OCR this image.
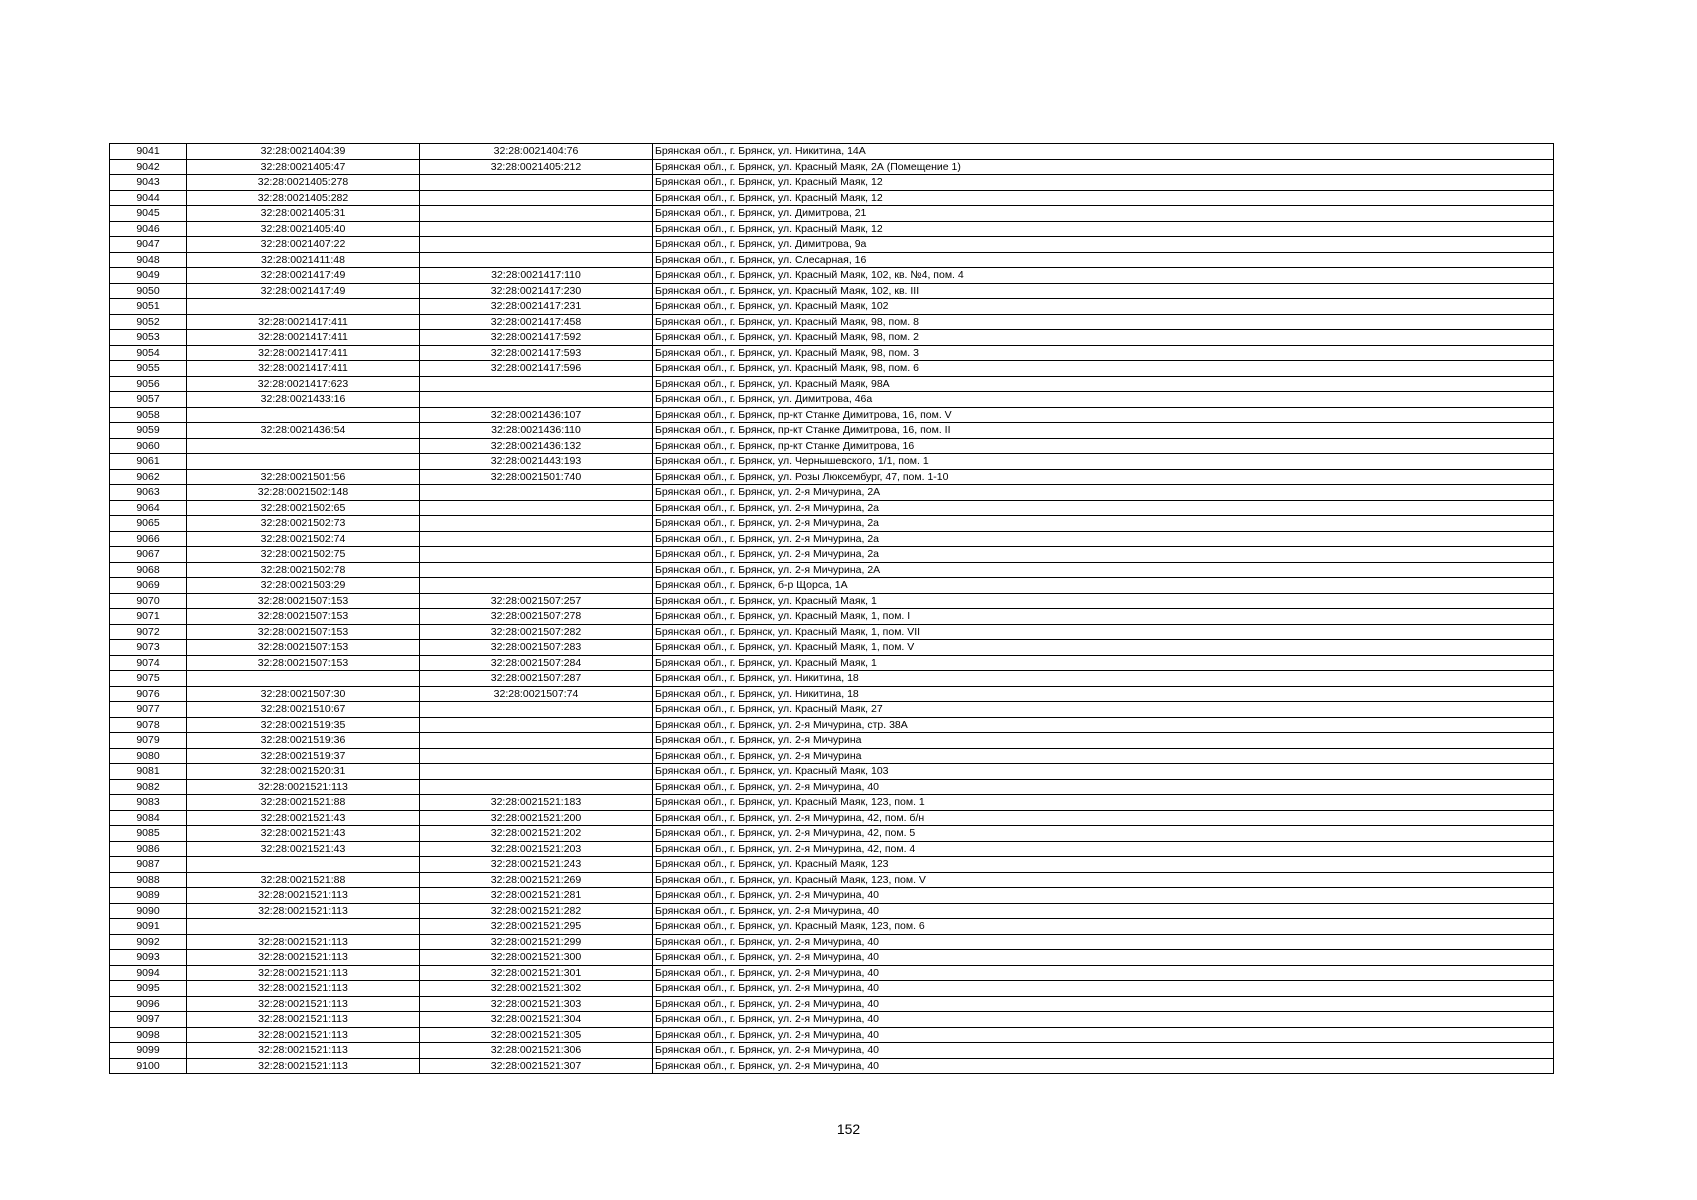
9041	32:28:0021404:39	32:28:0021404:76	Брянская обл., г. Брянск, ул. Никитина, 14А
9042	32:28:0021405:47	32:28:0021405:212	Брянская обл., г. Брянск, ул. Красный Маяк, 2А (Помещение 1)
9043	32:28:0021405:278		Брянская обл., г. Брянск, ул. Красный Маяк, 12
9044	32:28:0021405:282		Брянская обл., г. Брянск, ул. Красный Маяк, 12
9045	32:28:0021405:31		Брянская обл., г. Брянск, ул. Димитрова, 21
9046	32:28:0021405:40		Брянская обл., г. Брянск, ул. Красный Маяк, 12
9047	32:28:0021407:22		Брянская обл., г. Брянск, ул. Димитрова, 9а
9048	32:28:0021411:48		Брянская обл., г. Брянск, ул. Слесарная, 16
9049	32:28:0021417:49	32:28:0021417:110	Брянская обл., г. Брянск, ул. Красный Маяк, 102, кв. №4, пом. 4
9050	32:28:0021417:49	32:28:0021417:230	Брянская обл., г. Брянск, ул. Красный Маяк, 102, кв. III
9051		32:28:0021417:231	Брянская обл., г. Брянск, ул. Красный Маяк, 102
9052	32:28:0021417:411	32:28:0021417:458	Брянская обл., г. Брянск, ул. Красный Маяк, 98, пом. 8
9053	32:28:0021417:411	32:28:0021417:592	Брянская обл., г. Брянск, ул. Красный Маяк, 98, пом. 2
9054	32:28:0021417:411	32:28:0021417:593	Брянская обл., г. Брянск, ул. Красный Маяк, 98, пом. 3
9055	32:28:0021417:411	32:28:0021417:596	Брянская обл., г. Брянск, ул. Красный Маяк, 98, пом. 6
9056	32:28:0021417:623		Брянская обл., г. Брянск, ул. Красный Маяк, 98А
9057	32:28:0021433:16		Брянская обл., г. Брянск, ул. Димитрова, 46а
9058		32:28:0021436:107	Брянская обл., г. Брянск, пр-кт Станке Димитрова, 16, пом. V
9059	32:28:0021436:54	32:28:0021436:110	Брянская обл., г. Брянск, пр-кт Станке Димитрова, 16, пом. II
9060		32:28:0021436:132	Брянская обл., г. Брянск, пр-кт Станке Димитрова, 16
9061		32:28:0021443:193	Брянская обл., г. Брянск, ул. Чернышевского, 1/1, пом. 1
9062	32:28:0021501:56	32:28:0021501:740	Брянская обл., г. Брянск, ул. Розы Люксембург, 47, пом. 1-10
9063	32:28:0021502:148		Брянская обл., г. Брянск, ул. 2-я Мичурина, 2А
9064	32:28:0021502:65		Брянская обл., г. Брянск, ул. 2-я Мичурина, 2а
9065	32:28:0021502:73		Брянская обл., г. Брянск, ул. 2-я Мичурина, 2а
9066	32:28:0021502:74		Брянская обл., г. Брянск, ул. 2-я Мичурина, 2а
9067	32:28:0021502:75		Брянская обл., г. Брянск, ул. 2-я Мичурина, 2а
9068	32:28:0021502:78		Брянская обл., г. Брянск, ул. 2-я Мичурина, 2А
9069	32:28:0021503:29		Брянская обл., г. Брянск, б-р Щорса, 1А
9070	32:28:0021507:153	32:28:0021507:257	Брянская обл., г. Брянск, ул. Красный Маяк, 1
9071	32:28:0021507:153	32:28:0021507:278	Брянская обл., г. Брянск, ул. Красный Маяк, 1, пом. I
9072	32:28:0021507:153	32:28:0021507:282	Брянская обл., г. Брянск, ул. Красный Маяк, 1, пом. VII
9073	32:28:0021507:153	32:28:0021507:283	Брянская обл., г. Брянск, ул. Красный Маяк, 1, пом. V
9074	32:28:0021507:153	32:28:0021507:284	Брянская обл., г. Брянск, ул. Красный Маяк, 1
9075		32:28:0021507:287	Брянская обл., г. Брянск, ул. Никитина, 18
9076	32:28:0021507:30	32:28:0021507:74	Брянская обл., г. Брянск, ул. Никитина, 18
9077	32:28:0021510:67		Брянская обл., г. Брянск, ул. Красный Маяк, 27
9078	32:28:0021519:35		Брянская обл., г. Брянск, ул. 2-я Мичурина, стр. 38А
9079	32:28:0021519:36		Брянская обл., г. Брянск, ул. 2-я Мичурина
9080	32:28:0021519:37		Брянская обл., г. Брянск, ул. 2-я Мичурина
9081	32:28:0021520:31		Брянская обл., г. Брянск, ул. Красный Маяк, 103
9082	32:28:0021521:113		Брянская обл., г. Брянск, ул. 2-я Мичурина, 40
9083	32:28:0021521:88	32:28:0021521:183	Брянская обл., г. Брянск, ул. Красный Маяк, 123, пом. 1
9084	32:28:0021521:43	32:28:0021521:200	Брянская обл., г. Брянск, ул. 2-я Мичурина, 42, пом. б/н
9085	32:28:0021521:43	32:28:0021521:202	Брянская обл., г. Брянск, ул. 2-я Мичурина, 42, пом. 5
9086	32:28:0021521:43	32:28:0021521:203	Брянская обл., г. Брянск, ул. 2-я Мичурина, 42, пом. 4
9087		32:28:0021521:243	Брянская обл., г. Брянск, ул. Красный Маяк, 123
9088	32:28:0021521:88	32:28:0021521:269	Брянская обл., г. Брянск, ул. Красный Маяк, 123, пом. V
9089	32:28:0021521:113	32:28:0021521:281	Брянская обл., г. Брянск, ул. 2-я Мичурина, 40
9090	32:28:0021521:113	32:28:0021521:282	Брянская обл., г. Брянск, ул. 2-я Мичурина, 40
9091		32:28:0021521:295	Брянская обл., г. Брянск, ул. Красный Маяк, 123, пом. 6
9092	32:28:0021521:113	32:28:0021521:299	Брянская обл., г. Брянск, ул. 2-я Мичурина, 40
9093	32:28:0021521:113	32:28:0021521:300	Брянская обл., г. Брянск, ул. 2-я Мичурина, 40
9094	32:28:0021521:113	32:28:0021521:301	Брянская обл., г. Брянск, ул. 2-я Мичурина, 40
9095	32:28:0021521:113	32:28:0021521:302	Брянская обл., г. Брянск, ул. 2-я Мичурина, 40
9096	32:28:0021521:113	32:28:0021521:303	Брянская обл., г. Брянск, ул. 2-я Мичурина, 40
9097	32:28:0021521:113	32:28:0021521:304	Брянская обл., г. Брянск, ул. 2-я Мичурина, 40
9098	32:28:0021521:113	32:28:0021521:305	Брянская обл., г. Брянск, ул. 2-я Мичурина, 40
9099	32:28:0021521:113	32:28:0021521:306	Брянская обл., г. Брянск, ул. 2-я Мичурина, 40
9100	32:28:0021521:113	32:28:0021521:307	Брянская обл., г. Брянск, ул. 2-я Мичурина, 40
152
